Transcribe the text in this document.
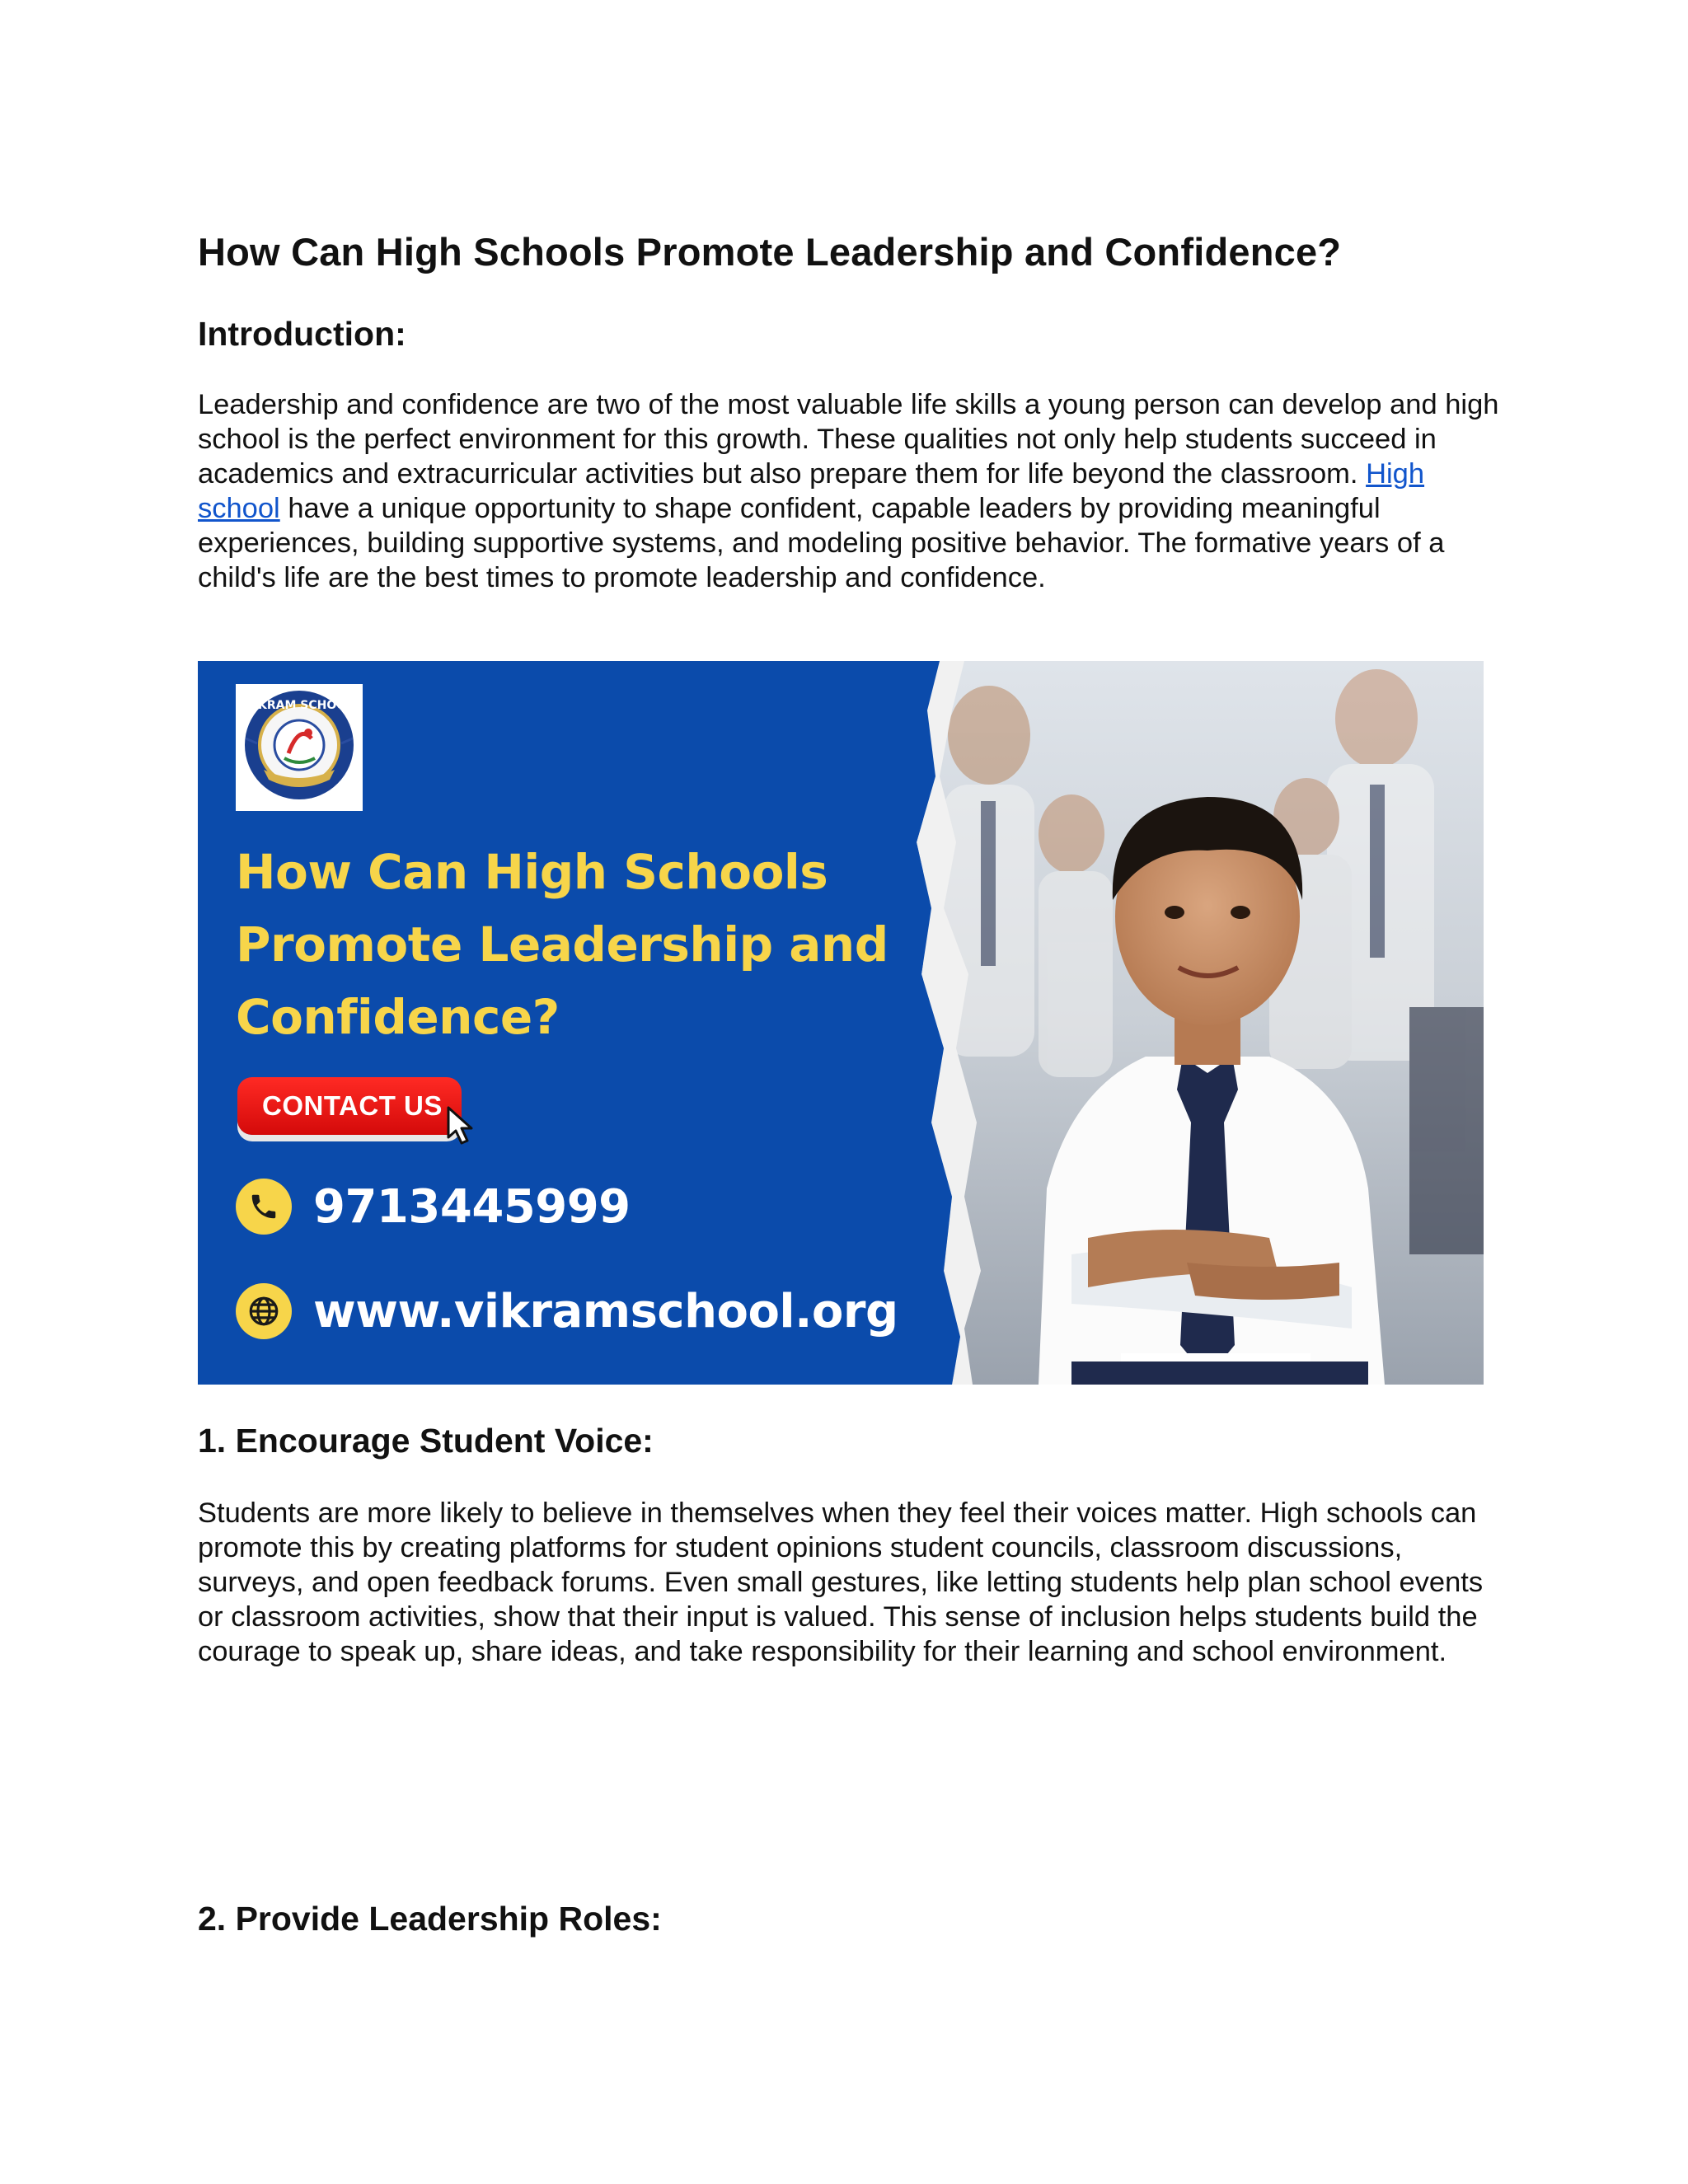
How Can High Schools Promote Leadership and Confidence?
Introduction:

Leadership and confidence are two of the most valuable life skills a young person can develop and high school is the perfect environment for this growth. These qualities not only help students succeed in academics and extracurricular activities but also prepare them for life beyond the classroom. High school have a unique opportunity to shape confident, capable leaders by providing meaningful experiences, building supportive systems, and modeling positive behavior. The formative years of a child's life are the best times to promote leadership and confidence.

VIKRAM SCHOOL
How Can High Schools Promote Leadership and Confidence?
CONTACT US
9713445999
www.vikramschool.org
1. Encourage Student Voice:

Students are more likely to believe in themselves when they feel their voices matter. High schools can promote this by creating platforms for student opinions student councils, classroom discussions, surveys, and open feedback forums. Even small gestures, like letting students help plan school events or classroom activities, show that their input is valued. This sense of inclusion helps students build the courage to speak up, share ideas, and take responsibility for their learning and school environment.

2. Provide Leadership Roles:
